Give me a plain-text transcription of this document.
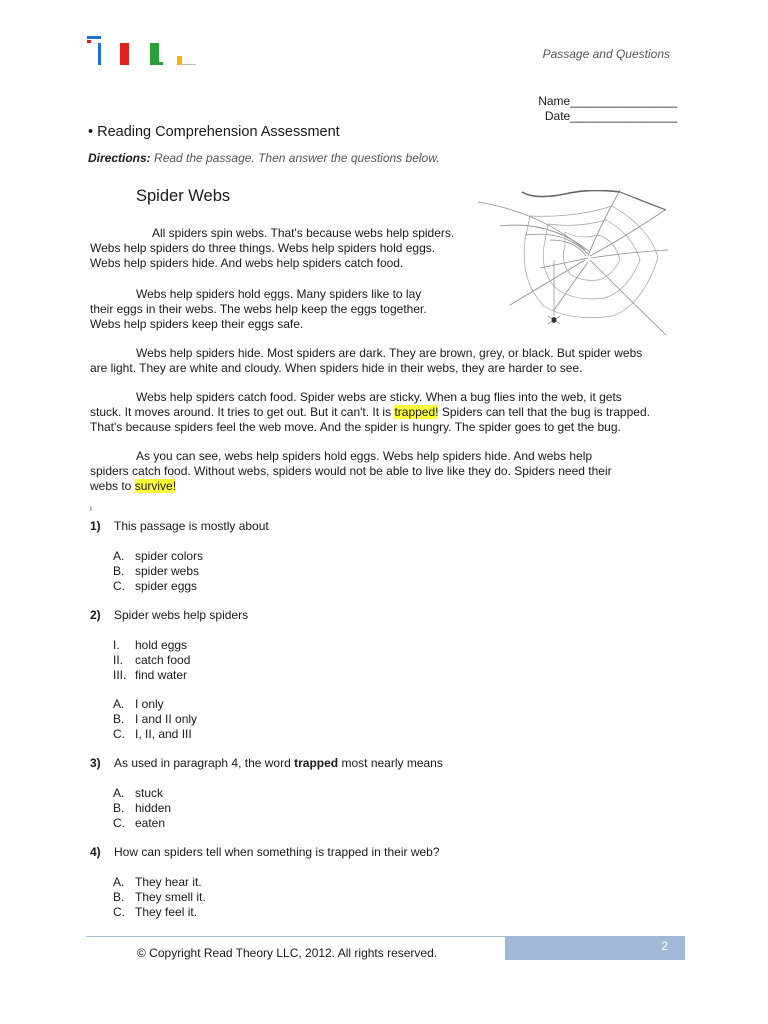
Passage and Questions
Name________________
Date________________
• Reading Comprehension Assessment
Directions: Read the passage. Then answer the questions below.
Spider Webs
All spiders spin webs. That's because webs help spiders.
Webs help spiders do three things. Webs help spiders hold eggs.
Webs help spiders hide. And webs help spiders catch food.
Webs help spiders hold eggs. Many spiders like to lay
their eggs in their webs. The webs help keep the eggs together.
Webs help spiders keep their eggs safe.
Webs help spiders hide. Most spiders are dark. They are brown, grey, or black. But spider webs
are light. They are white and cloudy. When spiders hide in their webs, they are harder to see.
Webs help spiders catch food. Spider webs are sticky. When a bug flies into the web, it gets
stuck. It moves around. It tries to get out. But it can't. It is trapped! Spiders can tell that the bug is trapped.
That's because spiders feel the web move. And the spider is hungry. The spider goes to get the bug.
As you can see, webs help spiders hold eggs. Webs help spiders hide. And webs help
spiders catch food. Without webs, spiders would not be able to live like they do. Spiders need their
webs to survive!
ι
1) This passage is mostly about
A. spider colors
B. spider webs
C. spider eggs
2) Spider webs help spiders
I. hold eggs
II. catch food
III. find water
A. I only
B. I and II only
C. I, II, and III
3) As used in paragraph 4, the word trapped most nearly means
A. stuck
B. hidden
C. eaten
4) How can spiders tell when something is trapped in their web?
A. They hear it.
B. They smell it.
C. They feel it.
2
© Copyright Read Theory LLC, 2012. All rights reserved.
